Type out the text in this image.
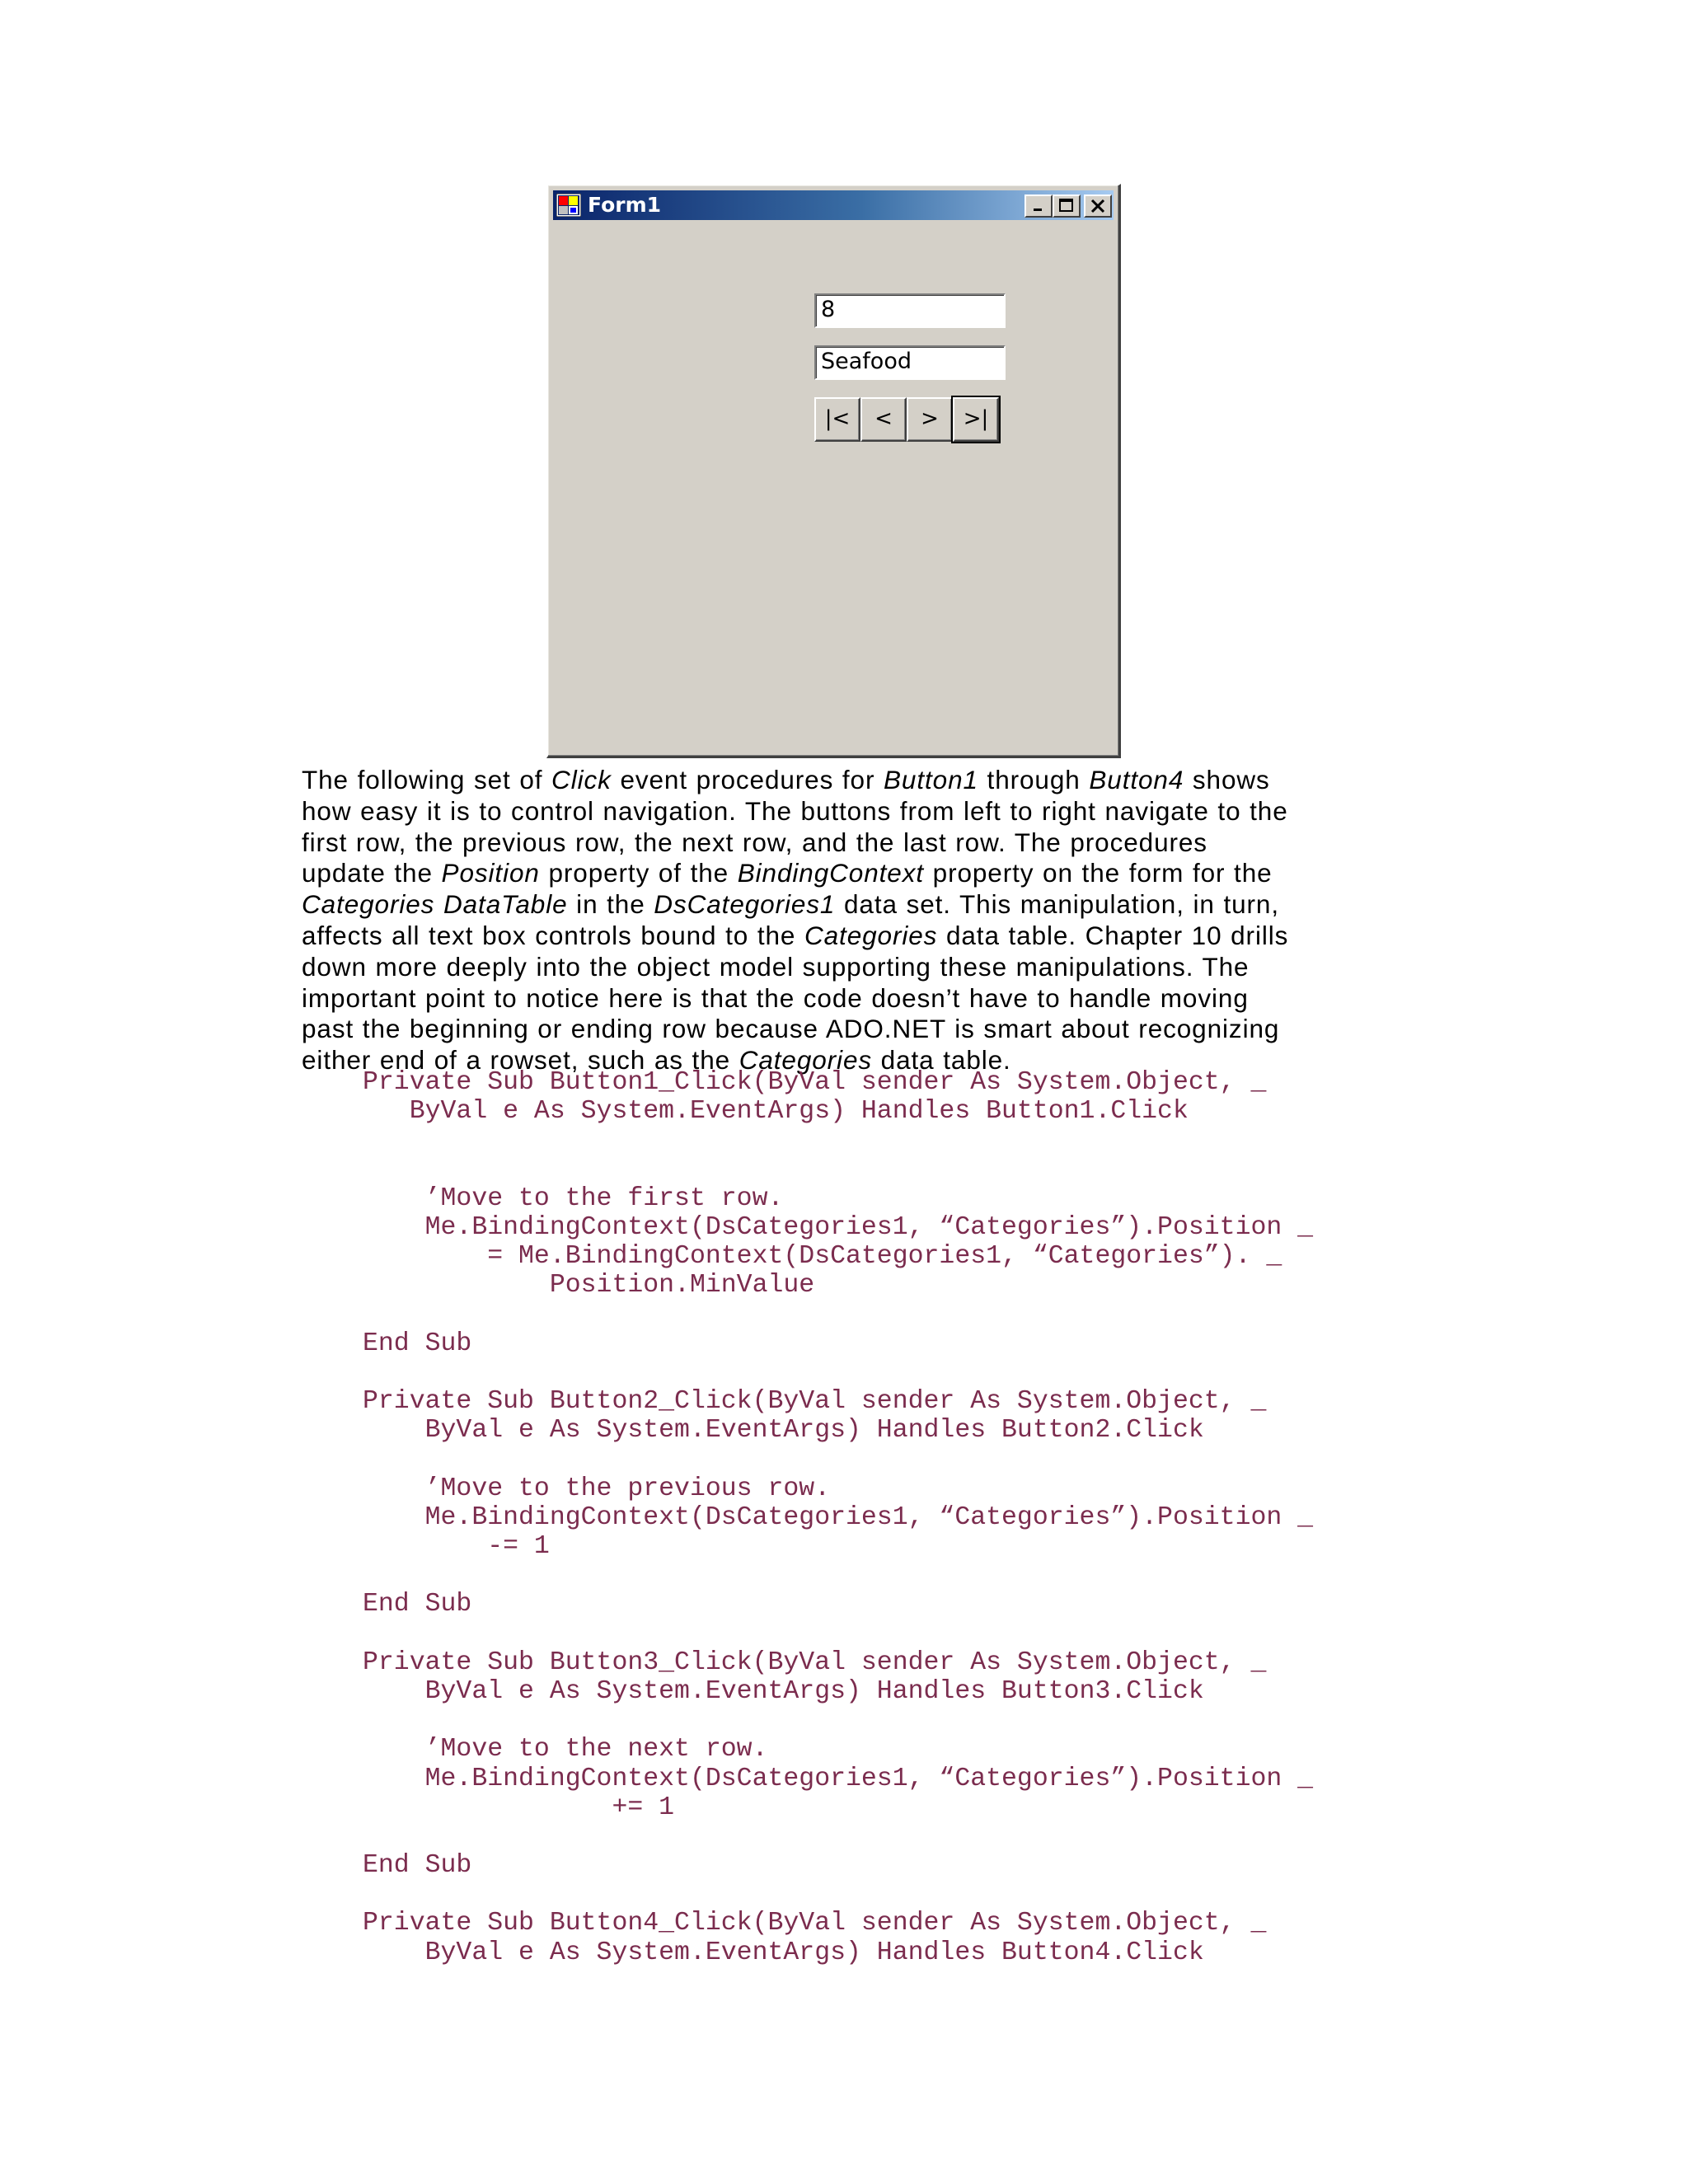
Form1
8
Seafood
|<	<	>	>|

The following set of Click event procedures for Button1 through Button4 shows
how easy it is to control navigation. The buttons from left to right navigate to the
first row, the previous row, the next row, and the last row. The procedures
update the Position property of the BindingContext property on the form for the
Categories DataTable in the DsCategories1 data set. This manipulation, in turn,
affects all text box controls bound to the Categories data table. Chapter 10 drills
down more deeply into the object model supporting these manipulations. The
important point to notice here is that the code doesn’t have to handle moving
past the beginning or ending row because ADO.NET is smart about recognizing
either end of a rowset, such as the Categories data table.

Private Sub Button1_Click(ByVal sender As System.Object, _
ByVal e As System.EventArgs) Handles Button1.Click
’Move to the first row.
Me.BindingContext(DsCategories1, “Categories”).Position _
= Me.BindingContext(DsCategories1, “Categories”). _
Position.MinValue
End Sub
Private Sub Button2_Click(ByVal sender As System.Object, _
ByVal e As System.EventArgs) Handles Button2.Click
’Move to the previous row.
Me.BindingContext(DsCategories1, “Categories”).Position _
-= 1
End Sub
Private Sub Button3_Click(ByVal sender As System.Object, _
ByVal e As System.EventArgs) Handles Button3.Click
’Move to the next row.
Me.BindingContext(DsCategories1, “Categories”).Position _
+= 1
End Sub
Private Sub Button4_Click(ByVal sender As System.Object, _
ByVal e As System.EventArgs) Handles Button4.Click
